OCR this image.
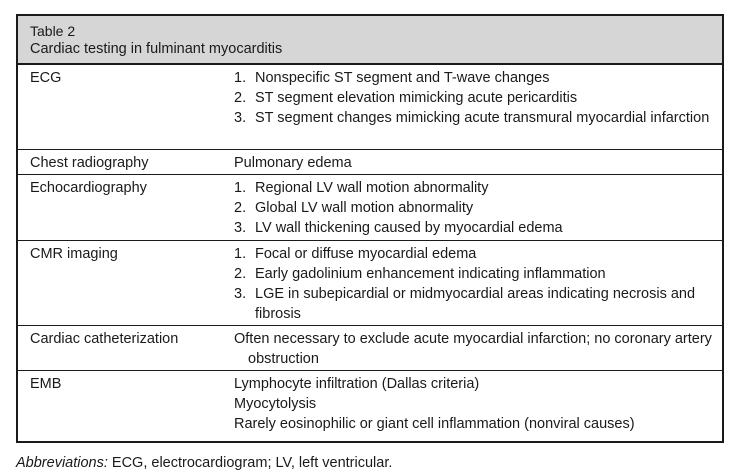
Table 2
Cardiac testing in fulminant myocarditis
ECG	1. Nonspecific ST segment and T-wave changes
2. ST segment elevation mimicking acute pericarditis
3. ST segment changes mimicking acute transmural myocardial infarction
Chest radiography	Pulmonary edema
Echocardiography	1. Regional LV wall motion abnormality
2. Global LV wall motion abnormality
3. LV wall thickening caused by myocardial edema
CMR imaging	1. Focal or diffuse myocardial edema
2. Early gadolinium enhancement indicating inflammation
3. LGE in subepicardial or midmyocardial areas indicating necrosis and fibrosis
Cardiac catheterization	Often necessary to exclude acute myocardial infarction; no coronary artery obstruction
EMB	Lymphocyte infiltration (Dallas criteria)
Myocytolysis
Rarely eosinophilic or giant cell inflammation (nonviral causes)
Abbreviations: ECG, electrocardiogram; LV, left ventricular.
